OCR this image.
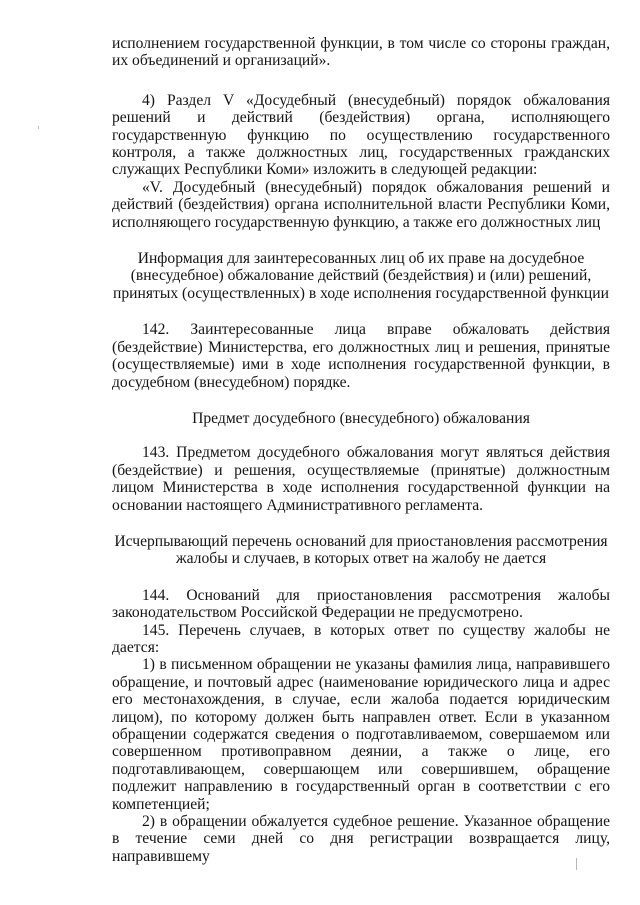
исполнением государственной функции, в том числе со стороны граждан, их объединений и организаций».

4) Раздел V «Досудебный (внесудебный) порядок обжалования решений и действий (бездействия) органа, исполняющего государственную функцию по осуществлению государственного контроля, а также должностных лиц, государственных гражданских служащих Республики Коми» изложить в следующей редакции:

«V. Досудебный (внесудебный) порядок обжалования решений и действий (бездействия) органа исполнительной власти Республики Коми, исполняющего государственную функцию, а также его должностных лиц

Информация для заинтересованных лиц об их праве на досудебное (внесудебное) обжалование действий (бездействия) и (или) решений, принятых (осуществленных) в ходе исполнения государственной функции

142. Заинтересованные лица вправе обжаловать действия (бездействие) Министерства, его должностных лиц и решения, принятые (осуществляемые) ими в ходе исполнения государственной функции, в досудебном (внесудебном) порядке.

Предмет досудебного (внесудебного) обжалования

143. Предметом досудебного обжалования могут являться действия (бездействие) и решения, осуществляемые (принятые) должностным лицом Министерства в ходе исполнения государственной функции на основании настоящего Административного регламента.

Исчерпывающий перечень оснований для приостановления рассмотрения жалобы и случаев, в которых ответ на жалобу не дается

144. Оснований для приостановления рассмотрения жалобы законодательством Российской Федерации не предусмотрено.

145. Перечень случаев, в которых ответ по существу жалобы не дается:

1) в письменном обращении не указаны фамилия лица, направившего обращение, и почтовый адрес (наименование юридического лица и адрес его местонахождения, в случае, если жалоба подается юридическим лицом), по которому должен быть направлен ответ. Если в указанном обращении содержатся сведения о подготавливаемом, совершаемом или совершенном противоправном деянии, а также о лице, его подготавливающем, совершающем или совершившем, обращение подлежит направлению в государственный орган в соответствии с его компетенцией;

2) в обращении обжалуется судебное решение. Указанное обращение в течение семи дней со дня регистрации возвращается лицу, направившему
